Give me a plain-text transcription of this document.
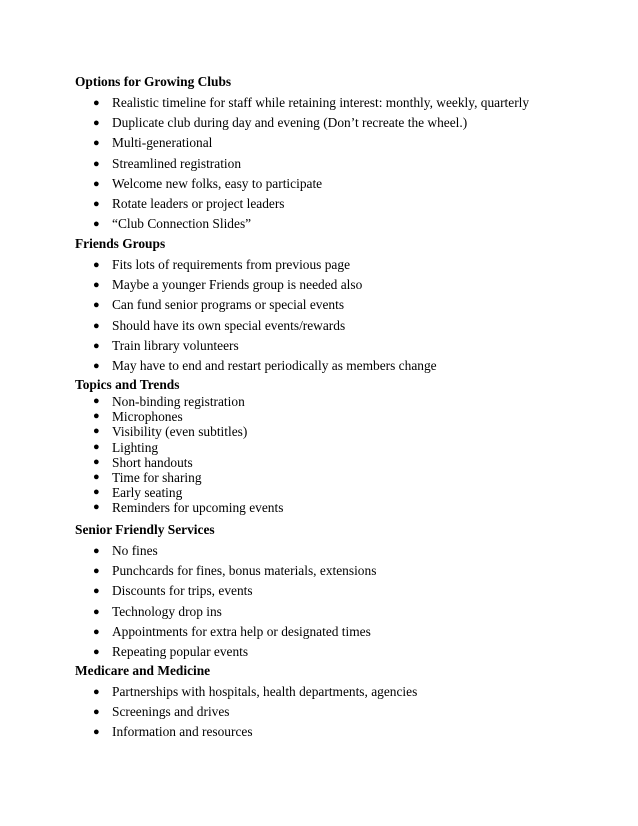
Options for Growing Clubs
● Realistic timeline for staff while retaining interest: monthly, weekly, quarterly
● Duplicate club during day and evening (Don’t recreate the wheel.)
● Multi-generational
● Streamlined registration
● Welcome new folks, easy to participate
● Rotate leaders or project leaders
● “Club Connection Slides”
Friends Groups
● Fits lots of requirements from previous page
● Maybe a younger Friends group is needed also
● Can fund senior programs or special events
● Should have its own special events/rewards
● Train library volunteers
● May have to end and restart periodically as members change
Topics and Trends
● Non-binding registration
● Microphones
● Visibility (even subtitles)
● Lighting
● Short handouts
● Time for sharing
● Early seating
● Reminders for upcoming events
Senior Friendly Services
● No fines
● Punchcards for fines, bonus materials, extensions
● Discounts for trips, events
● Technology drop ins
● Appointments for extra help or designated times
● Repeating popular events
Medicare and Medicine
● Partnerships with hospitals, health departments, agencies
● Screenings and drives
● Information and resources
